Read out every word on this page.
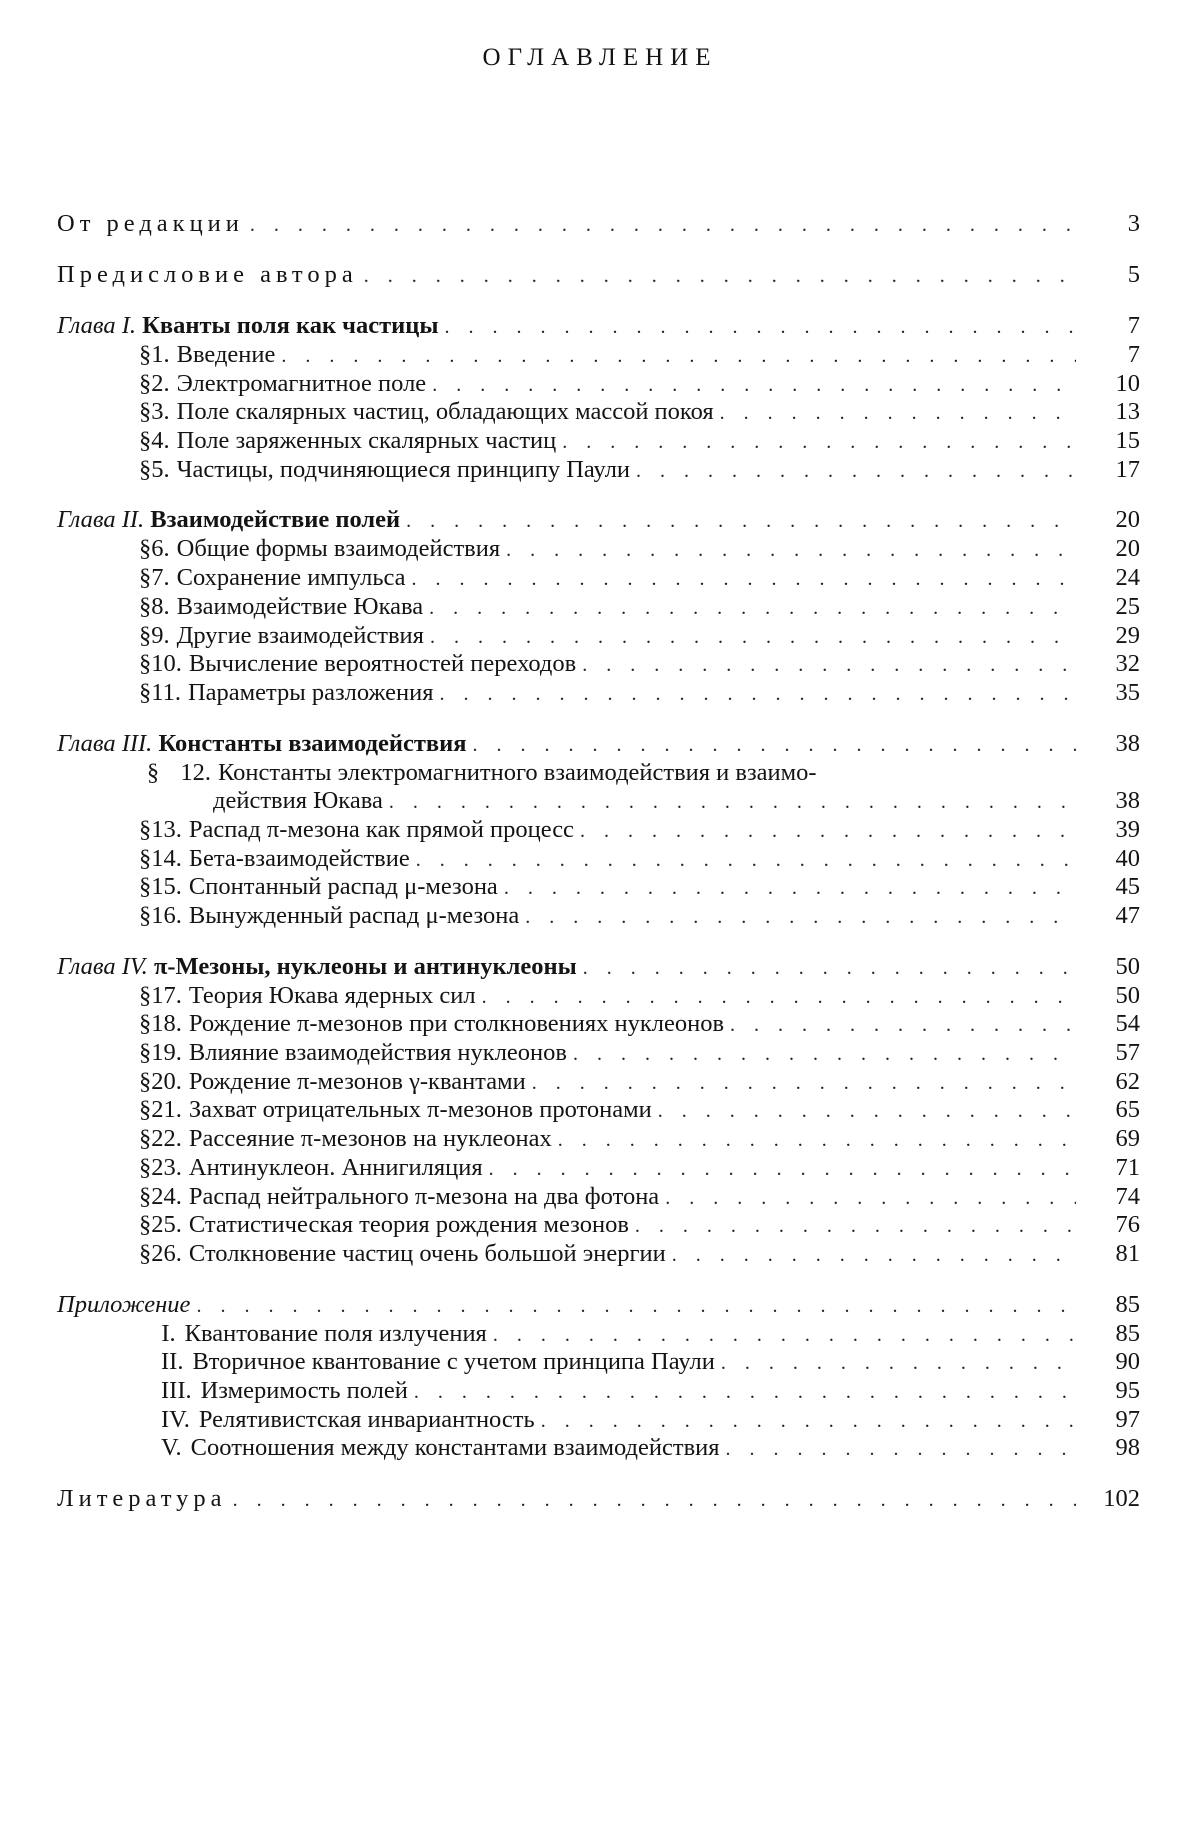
ОГЛАВЛЕНИЕ
От редакции . . .	3
Предисловие автора . . .	5
Глава I. Кванты поля как частицы . . .	7
§ 1. Введение . . .	7
§ 2. Электромагнитное поле . . .	10
§ 3. Поле скалярных частиц, обладающих массой покоя . . .	13
§ 4. Поле заряженных скалярных частиц . . .	15
§ 5. Частицы, подчиняющиеся принципу Паули . . .	17
Глава II. Взаимодействие полей . . .	20
§ 6. Общие формы взаимодействия . . .	20
§ 7. Сохранение импульса . . .	24
§ 8. Взаимодействие Юкава . . .	25
§ 9. Другие взаимодействия . . .	29
§ 10. Вычисление вероятностей переходов . . .	32
§ 11. Параметры разложения . . .	35
Глава III. Константы взаимодействия . . .	38
§ 12. Константы электромагнитного взаимодействия и взаимо-
действия Юкава . . .	38
§ 13. Распад π-мезона как прямой процесс . . .	39
§ 14. Бета-взаимодействие . . .	40
§ 15. Спонтанный распад μ-мезона . . .	45
§ 16. Вынужденный распад μ-мезона . . .	47
Глава IV. π-Мезоны, нуклеоны и антинуклеоны . . .	50
§ 17. Теория Юкава ядерных сил . . .	50
§ 18. Рождение π-мезонов при столкновениях нуклеонов . . .	54
§ 19. Влияние взаимодействия нуклеонов . . .	57
§ 20. Рождение π-мезонов γ-квантами . . .	62
§ 21. Захват отрицательных π-мезонов протонами . . .	65
§ 22. Рассеяние π-мезонов на нуклеонах . . .	69
§ 23. Антинуклеон. Аннигиляция . . .	71
§ 24. Распад нейтрального π-мезона на два фотона . . .	74
§ 25. Статистическая теория рождения мезонов . . .	76
§ 26. Столкновение частиц очень большой энергии . . .	81
Приложение . . .	85
I. Квантование поля излучения . . .	85
II. Вторичное квантование с учетом принципа Паули . . .	90
III. Измеримость полей . . .	95
IV. Релятивистская инвариантность . . .	97
V. Соотношения между константами взаимодействия . . .	98
Литература . . .	102
